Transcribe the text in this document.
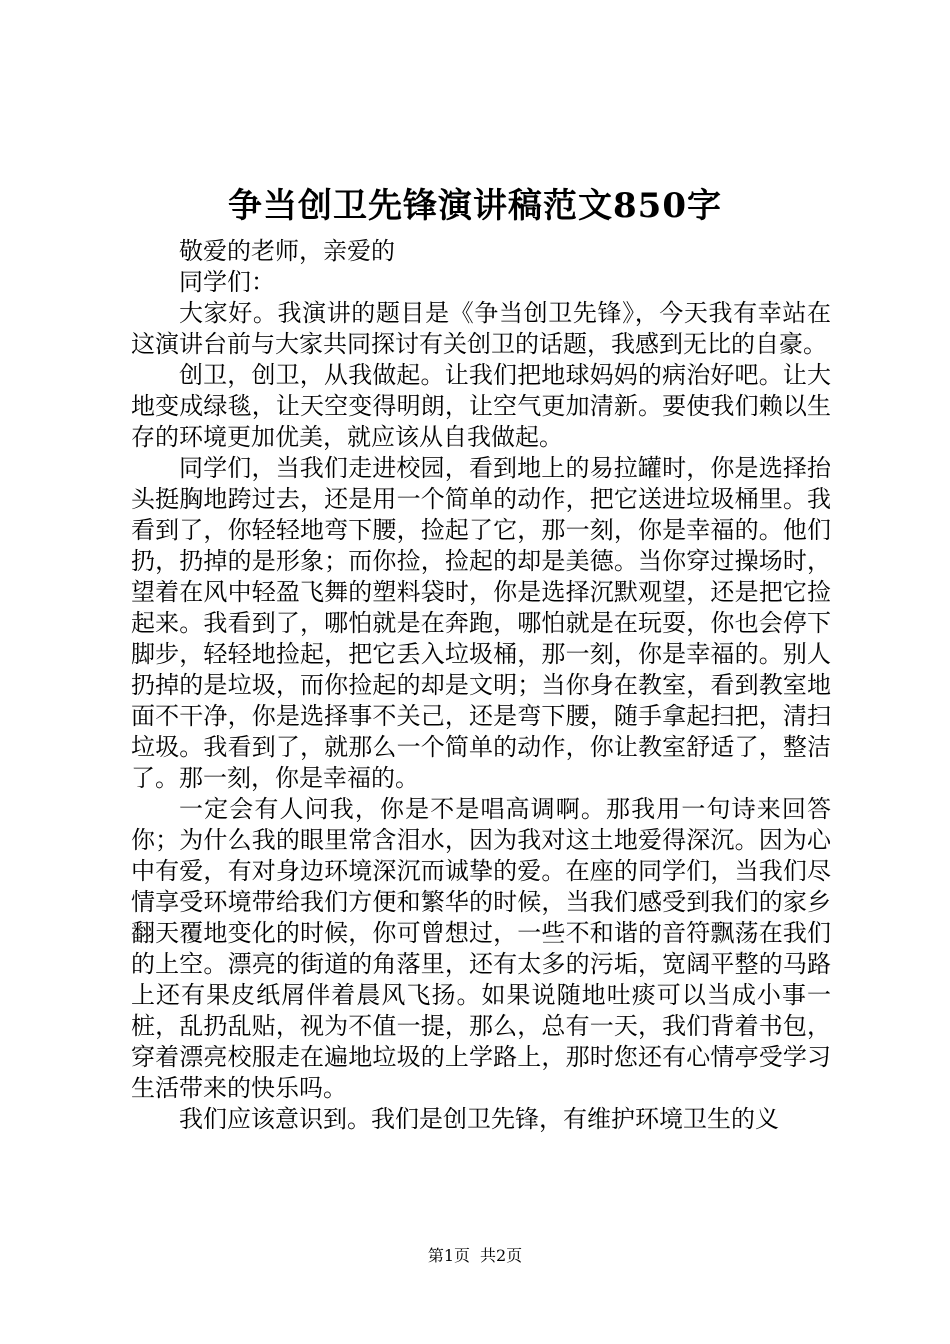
争当创卫先锋演讲稿范文850字

敬爱的老师，亲爱的

同学们：

大家好。我演讲的题目是《争当创卫先锋》，今天我有幸站在这演讲台前与大家共同探讨有关创卫的话题，我感到无比的自豪。

创卫，创卫，从我做起。让我们把地球妈妈的病治好吧。让大地变成绿毯，让天空变得明朗，让空气更加清新。要使我们赖以生存的环境更加优美，就应该从自我做起。

同学们，当我们走进校园，看到地上的易拉罐时，你是选择抬头挺胸地跨过去，还是用一个简单的动作，把它送进垃圾桶里。我看到了，你轻轻地弯下腰，捡起了它，那一刻，你是幸福的。他们扔，扔掉的是形象；而你捡，捡起的却是美德。当你穿过操场时，望着在风中轻盈飞舞的塑料袋时，你是选择沉默观望，还是把它捡起来。我看到了，哪怕就是在奔跑，哪怕就是在玩耍，你也会停下脚步，轻轻地捡起，把它丢入垃圾桶，那一刻，你是幸福的。别人扔掉的是垃圾，而你捡起的却是文明；当你身在教室，看到教室地面不干净，你是选择事不关己，还是弯下腰，随手拿起扫把，清扫垃圾。我看到了，就那么一个简单的动作，你让教室舒适了，整洁了。那一刻，你是幸福的。

一定会有人问我，你是不是唱高调啊。那我用一句诗来回答你；为什么我的眼里常含泪水，因为我对这土地爱得深沉。因为心中有爱，有对身边环境深沉而诚挚的爱。在座的同学们，当我们尽情享受环境带给我们方便和繁华的时候，当我们感受到我们的家乡翻天覆地变化的时候，你可曾想过，一些不和谐的音符飘荡在我们的上空。漂亮的街道的角落里，还有太多的污垢，宽阔平整的马路上还有果皮纸屑伴着晨风飞扬。如果说随地吐痰可以当成小事一桩，乱扔乱贴，视为不值一提，那么，总有一天，我们背着书包，穿着漂亮校服走在遍地垃圾的上学路上，那时您还有心情亭受学习生活带来的快乐吗。

我们应该意识到。我们是创卫先锋，有维护环境卫生的义

第1页 共2页
